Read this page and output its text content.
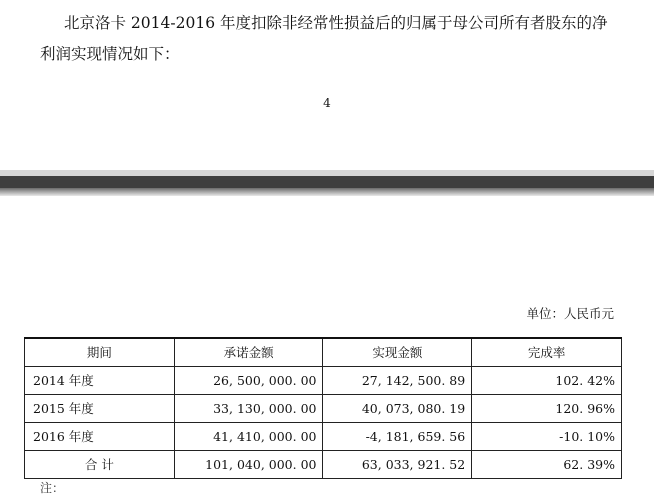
北京洛卡 2014-2016 年度扣除非经常性损益后的归属于母公司所有者股东的净
利润实现情况如下：
4
单位：人民币元
期间	承诺金额	实现金额	完成率
2014 年度	26, 500, 000. 00	27, 142, 500. 89	102. 42%
2015 年度	33, 130, 000. 00	40, 073, 080. 19	120. 96%
2016 年度	41, 410, 000. 00	-4, 181, 659. 56	-10. 10%
合 计	101, 040, 000. 00	63, 033, 921. 52	62. 39%
注：
